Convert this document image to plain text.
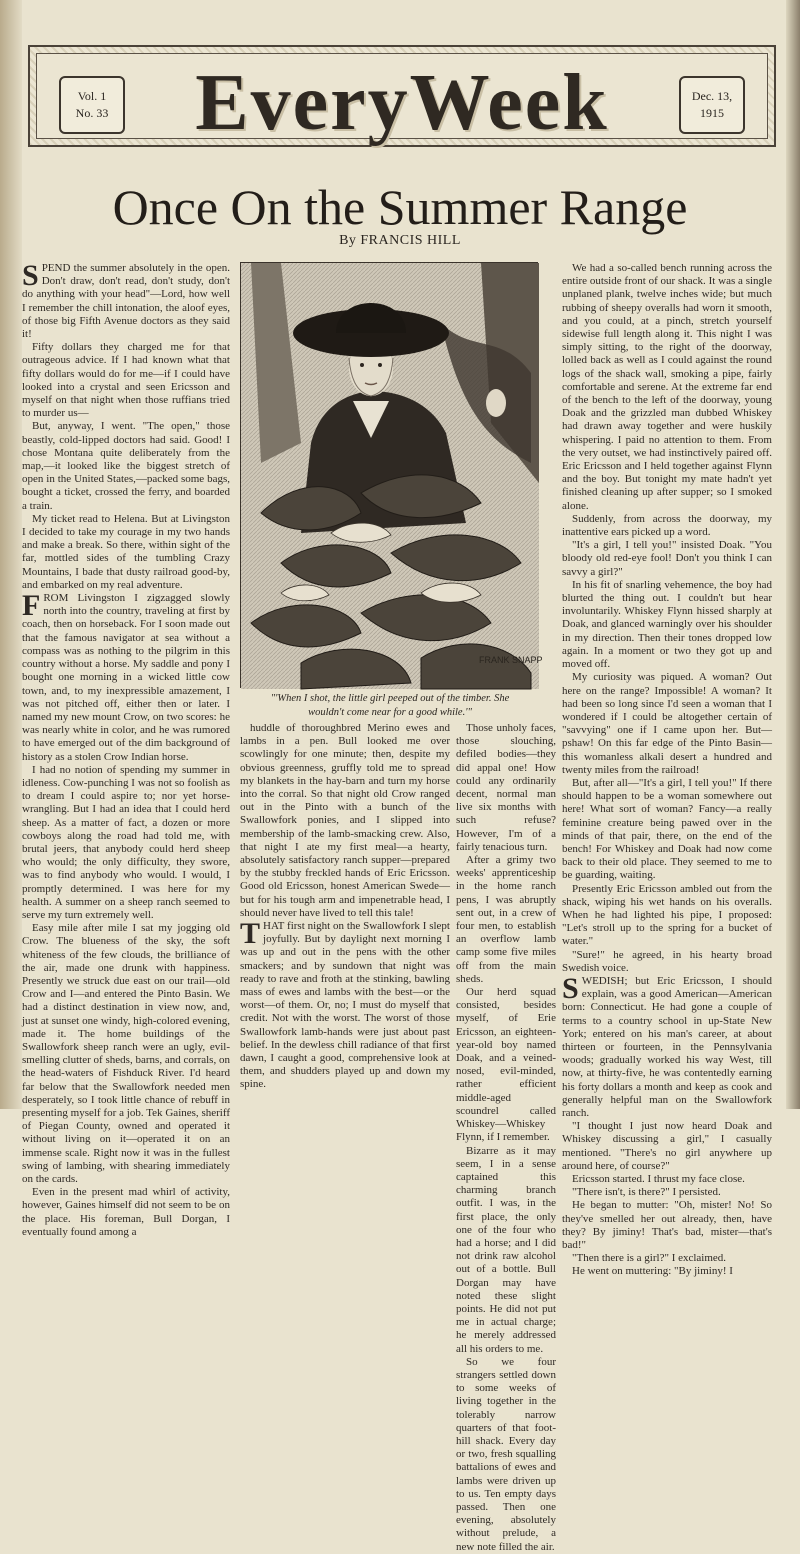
Vol. 1
No. 33	EveryWeek	Dec. 13,
1915
Once On the Summer Range
By FRANCIS HILL

SPEND the summer absolutely in the open. Don't draw, don't read, don't study, don't do anything with your head"—Lord, how well I remember the chill intonation, the aloof eyes, of those big Fifth Avenue doctors as they said it!

Fifty dollars they charged me for that outrageous advice. If I had known what that fifty dollars would do for me—if I could have looked into a crystal and seen Ericsson and myself on that night when those ruffians tried to murder us—

But, anyway, I went. "The open," those beastly, cold-lipped doctors had said. Good! I chose Montana quite deliberately from the map,—it looked like the biggest stretch of open in the United States,—packed some bags, bought a ticket, crossed the ferry, and boarded a train.

My ticket read to Helena. But at Livingston I decided to take my courage in my two hands and make a break. So there, within sight of the far, mottled sides of the tumbling Crazy Mountains, I bade that dusty railroad good-by, and embarked on my real adventure.

FROM Livingston I zigzagged slowly north into the country, traveling at first by coach, then on horseback. For I soon made out that the famous navigator at sea without a compass was as nothing to the pilgrim in this country without a horse. My saddle and pony I bought one morning in a wicked little cow town, and, to my inexpressible amazement, I was not pitched off, either then or later. I named my new mount Crow, on two scores: he was nearly white in color, and he was rumored to have emerged out of the dim background of history as a stolen Crow Indian horse.

I had no notion of spending my summer in idleness. Cow-punching I was not so foolish as to dream I could aspire to; nor yet horse-wrangling. But I had an idea that I could herd sheep. As a matter of fact, a dozen or more cowboys along the road had told me, with brutal jeers, that anybody could herd sheep who would; the only difficulty, they swore, was to find anybody who would. I would, I promptly determined. I was here for my health. A summer on a sheep ranch seemed to serve my turn extremely well.

Easy mile after mile I sat my jogging old Crow. The blueness of the sky, the soft whiteness of the few clouds, the brilliance of the air, made one drunk with happiness. Presently we struck due east on our trail—old Crow and I—and entered the Pinto Basin. We had a distinct destination in view now, and, just at sunset one windy, high-colored evening, made it. The home buildings of the Swallowfork sheep ranch were an ugly, evil-smelling clutter of sheds, barns, and corrals, on the head-waters of Fishduck River. I'd heard far below that the Swallowfork needed men desperately, so I took little chance of rebuff in presenting myself for a job. Tek Gaines, sheriff of Piegan County, owned and operated it without living on it—operated it on an immense scale. Right now it was in the fullest swing of lambing, with shearing immediately on the cards.

Even in the present mad whirl of activity, however, Gaines himself did not seem to be on the place. His foreman, Bull Dorgan, I eventually found among a

FRANK SNAPP
"'When I shot, the little girl peeped out of the timber. She wouldn't come near for a good while.'"

huddle of thoroughbred Merino ewes and lambs in a pen. Bull looked me over scowlingly for one minute; then, despite my obvious greenness, gruffly told me to spread my blankets in the hay-barn and turn my horse into the corral. So that night old Crow ranged out in the Pinto with a bunch of the Swallowfork ponies, and I slipped into membership of the lamb-smacking crew. Also, that night I ate my first meal—a hearty, absolutely satisfactory ranch supper—prepared by the stubby freckled hands of Eric Ericsson. Good old Ericsson, honest American Swede—but for his tough arm and impenetrable head, I should never have lived to tell this tale!

THAT first night on the Swallowfork I slept joyfully. But by daylight next morning I was up and out in the pens with the other smackers; and by sundown that night was ready to rave and froth at the stinking, bawling mass of ewes and lambs with the best—or the worst—of them. Or, no; I must do myself that credit. Not with the worst. The worst of those Swallowfork lamb-hands were just about past belief. In the dewless chill radiance of that first dawn, I caught a good, comprehensive look at them, and shudders played up and down my spine.

Those unholy faces, those slouching, defiled bodies—they did appal one! How could any ordinarily decent, normal man live six months with such refuse? However, I'm of a fairly tenacious turn.

After a grimy two weeks' apprenticeship in the home ranch pens, I was abruptly sent out, in a crew of four men, to establish an overflow lamb camp some five miles off from the main sheds.

Our herd squad consisted, besides myself, of Erie Ericsson, an eighteen-year-old boy named Doak, and a veined-nosed, evil-minded, rather efficient middle-aged scoundrel called Whiskey—Whiskey Flynn, if I remember.

Bizarre as it may seem, I in a sense captained this charming branch outfit. I was, in the first place, the only one of the four who had a horse; and I did not drink raw alcohol out of a bottle. Bull Dorgan may have noted these slight points. He did not put me in actual charge; he merely addressed all his orders to me.

So we four strangers settled down to some weeks of living together in the tolerably narrow quarters of that foot-hill shack. Every day or two, fresh squalling battalions of ewes and lambs were driven up to us. Ten empty days passed. Then one evening, absolutely without prelude, a new note filled the air.

We had a so-called bench running across the entire outside front of our shack. It was a single unplaned plank, twelve inches wide; but much rubbing of sheepy overalls had worn it smooth, and you could, at a pinch, stretch yourself sidewise full length along it. This night I was simply sitting, to the right of the doorway, lolled back as well as I could against the round logs of the shack wall, smoking a pipe, fairly comfortable and serene. At the extreme far end of the bench to the left of the doorway, young Doak and the grizzled man dubbed Whiskey had drawn away together and were huskily whispering. I paid no attention to them. From the very outset, we had instinctively paired off. Eric Ericsson and I held together against Flynn and the boy. But tonight my mate hadn't yet finished cleaning up after supper; so I smoked alone.

Suddenly, from across the doorway, my inattentive ears picked up a word.

"It's a girl, I tell you!" insisted Doak. "You bloody old red-eye fool! Don't you think I can savvy a girl?"

In his fit of snarling vehemence, the boy had blurted the thing out. I couldn't but hear involuntarily. Whiskey Flynn hissed sharply at Doak, and glanced warningly over his shoulder in my direction. Then their tones dropped low again. In a moment or two they got up and moved off.

My curiosity was piqued. A woman? Out here on the range? Impossible! A woman? It had been so long since I'd seen a woman that I wondered if I could be altogether certain of "savvying" one if I came upon her. But—pshaw! On this far edge of the Pinto Basin—this womanless alkali desert a hundred and twenty miles from the railroad!

But, after all—"It's a girl, I tell you!" If there should happen to be a woman somewhere out here! What sort of woman? Fancy—a really feminine creature being pawed over in the minds of that pair, there, on the end of the bench! For Whiskey and Doak had now come back to their old place. They seemed to me to be guarding, waiting.

Presently Eric Ericsson ambled out from the shack, wiping his wet hands on his overalls. When he had lighted his pipe, I proposed: "Let's stroll up to the spring for a bucket of water."

"Sure!" he agreed, in his hearty broad Swedish voice.

SWEDISH; but Eric Ericsson, I should explain, was a good American—American born: Connecticut. He had gone a couple of terms to a country school in up-State New York; entered on his man's career, at about thirteen or fourteen, in the Pennsylvania woods; gradually worked his way West, till now, at thirty-five, he was contentedly earning his forty dollars a month and keep as cook and generally helpful man on the Swallowfork ranch.

"I thought I just now heard Doak and Whiskey discussing a girl," I casually mentioned. "There's no girl anywhere up around here, of course?"

Ericsson started. I thrust my face close.

"There isn't, is there?" I persisted.

He began to mutter: "Oh, mister! No! So they've smelled her out already, then, have they? By jiminy! That's bad, mister—that's bad!"

"Then there is a girl?" I exclaimed.

He went on muttering: "By jiminy! I
